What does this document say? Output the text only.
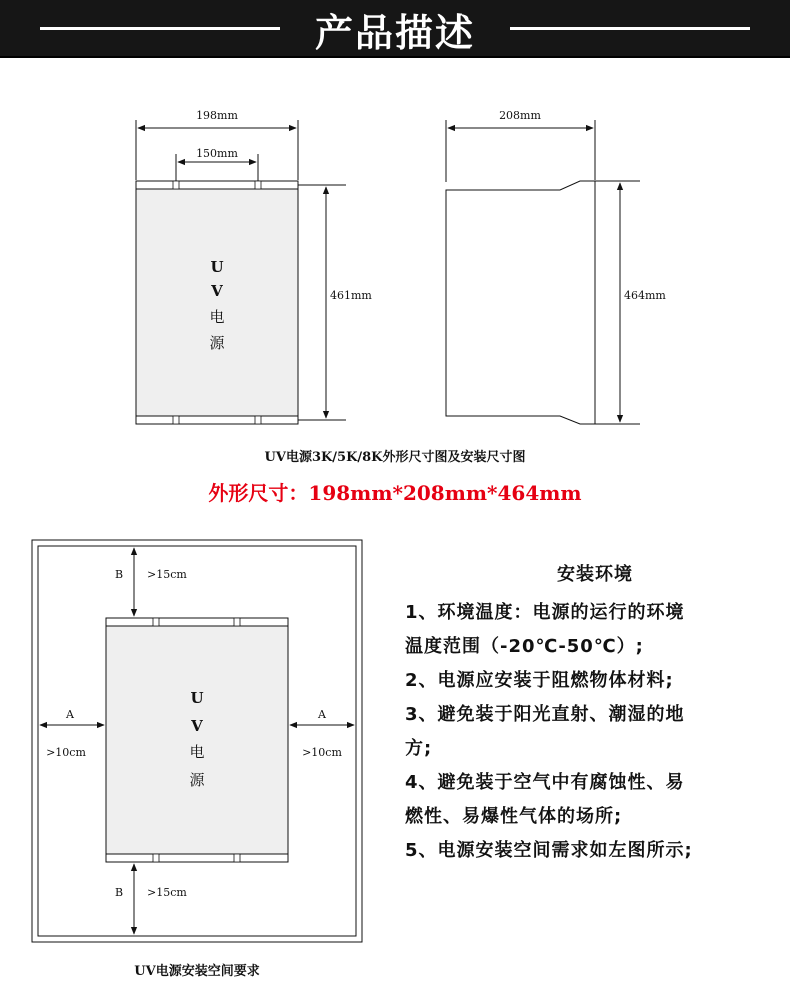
产品描述
198mm
150mm
U
V
电
源
461mm
208mm
464mm
U
V
电
源
B >15cm
B >15cm
A
>10cm
A
>10cm
UV电源3K/5K/8K外形尺寸图及安装尺寸图
外形尺寸：198mm*208mm*464mm
安装环境
1、环境温度：电源的运行的环境
温度范围（-20℃-50℃）;
2、电源应安装于阻燃物体材料;
3、避免装于阳光直射、潮湿的地
方;
4、避免装于空气中有腐蚀性、易
燃性、易爆性气体的场所;
5、电源安装空间需求如左图所示;
UV电源安装空间要求
